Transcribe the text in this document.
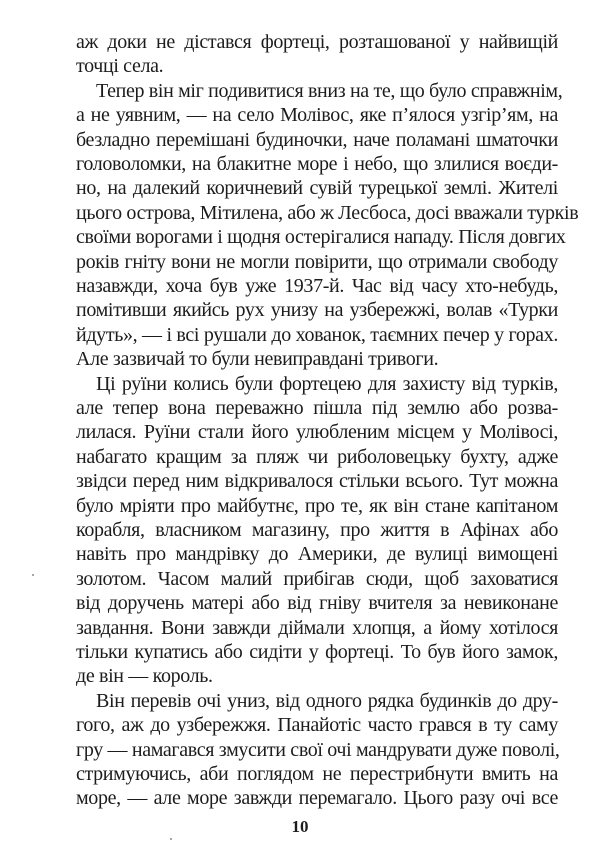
аж доки не дістався фортеці, розташованої у найвищій
точці села.
Тепер він міг подивитися вниз на те, що було справжнім,
а не уявним, — на село Молівос, яке п’ялося узгір’ям, на
безладно перемішані будиночки, наче поламані шматочки
головоломки, на блакитне море і небо, що злилися воєди-
но, на далекий коричневий сувій турецької землі. Жителі
цього острова, Мітилена, або ж Лесбоса, досі вважали турків
своїми ворогами і щодня остерігалися нападу. Після довгих
років гніту вони не могли повірити, що отримали свободу
назавжди, хоча був уже 1937-й. Час від часу хто-небудь,
помітивши якийсь рух унизу на узбережжі, волав «Турки
йдуть», — і всі рушали до хованок, таємних печер у горах.
Але зазвичай то були невиправдані тривоги.
Ці руїни колись були фортецею для захисту від турків,
але тепер вона переважно пішла під землю або розва-
лилася. Руїни стали його улюбленим місцем у Молівосі,
набагато кращим за пляж чи риболовецьку бухту, адже
звідси перед ним відкривалося стільки всього. Тут можна
було мріяти про майбутнє, про те, як він стане капітаном
корабля, власником магазину, про життя в Афінах або
навіть про мандрівку до Америки, де вулиці вимощені
золотом. Часом малий прибігав сюди, щоб заховатися
від доручень матері або від гніву вчителя за невиконане
завдання. Вони завжди діймали хлопця, а йому хотілося
тільки купатись або сидіти у фортеці. То був його замок,
де він — король.
Він перевів очі униз, від одного рядка будинків до дру-
гого, аж до узбережжя. Панайотіс часто грався в ту саму
гру — намагався змусити свої очі мандрувати дуже поволі,
стримуючись, аби поглядом не перестрибнути вмить на
море, — але море завжди перемагало. Цього разу очі все
10
